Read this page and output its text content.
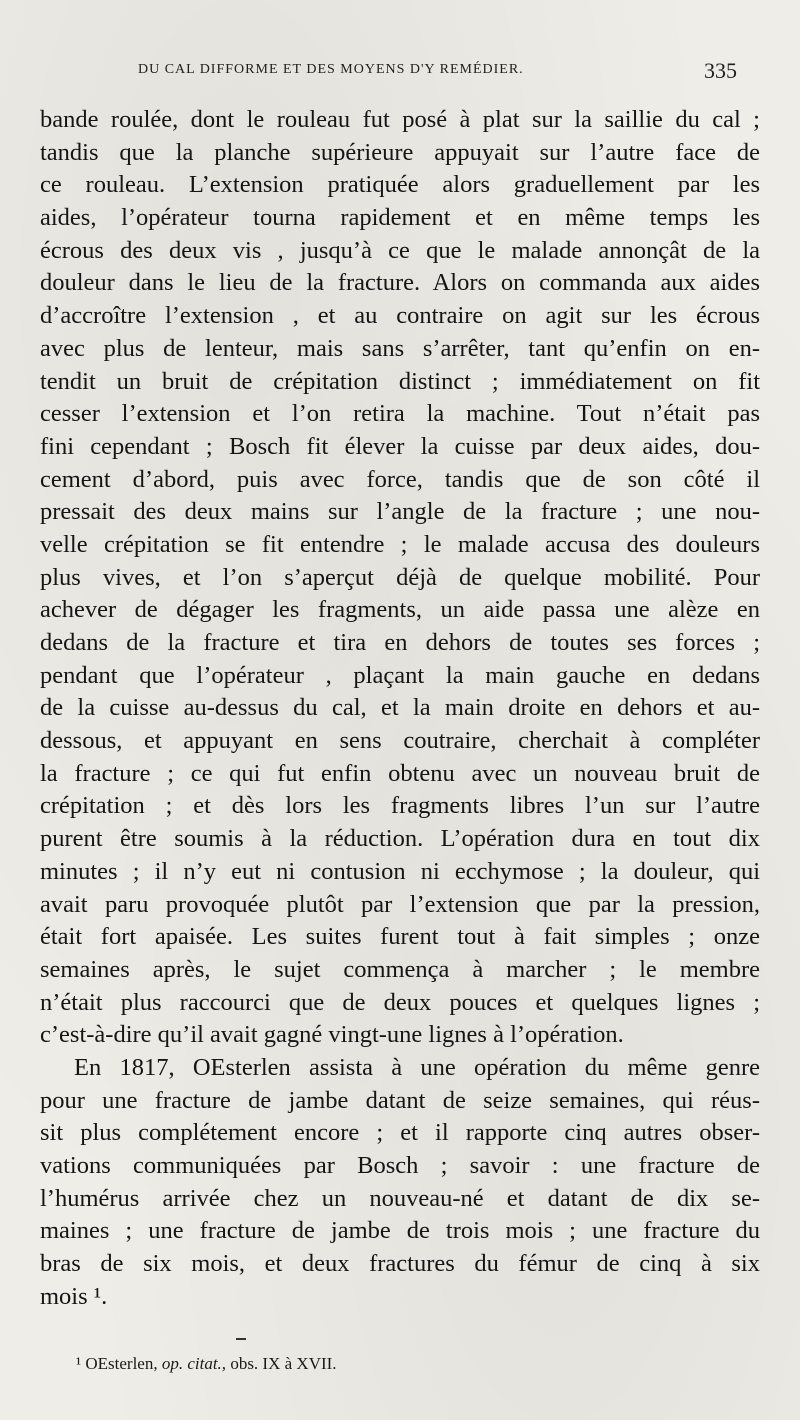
DU CAL DIFFORME ET DES MOYENS D'Y REMÉDIER.	335
bande roulée, dont le rouleau fut posé à plat sur la saillie du cal ;
tandis que la planche supérieure appuyait sur l’autre face de
ce rouleau. L’extension pratiquée alors graduellement par les
aides, l’opérateur tourna rapidement et en même temps les
écrous des deux vis , jusqu’à ce que le malade annonçât de la
douleur dans le lieu de la fracture. Alors on commanda aux aides
d’accroître l’extension , et au contraire on agit sur les écrous
avec plus de lenteur, mais sans s’arrêter, tant qu’enfin on en-
tendit un bruit de crépitation distinct ; immédiatement on fit
cesser l’extension et l’on retira la machine. Tout n’était pas
fini cependant ; Bosch fit élever la cuisse par deux aides, dou-
cement d’abord, puis avec force, tandis que de son côté il
pressait des deux mains sur l’angle de la fracture ; une nou-
velle crépitation se fit entendre ; le malade accusa des douleurs
plus vives, et l’on s’aperçut déjà de quelque mobilité. Pour
achever de dégager les fragments, un aide passa une alèze en
dedans de la fracture et tira en dehors de toutes ses forces ;
pendant que l’opérateur , plaçant la main gauche en dedans
de la cuisse au-dessus du cal, et la main droite en dehors et au-
dessous, et appuyant en sens coutraire, cherchait à compléter
la fracture ; ce qui fut enfin obtenu avec un nouveau bruit de
crépitation ; et dès lors les fragments libres l’un sur l’autre
purent être soumis à la réduction. L’opération dura en tout dix
minutes ; il n’y eut ni contusion ni ecchymose ; la douleur, qui
avait paru provoquée plutôt par l’extension que par la pression,
était fort apaisée. Les suites furent tout à fait simples ; onze
semaines après, le sujet commença à marcher ; le membre
n’était plus raccourci que de deux pouces et quelques lignes ;
c’est-à-dire qu’il avait gagné vingt-une lignes à l’opération.
En 1817, OEsterlen assista à une opération du même genre
pour une fracture de jambe datant de seize semaines, qui réus-
sit plus complétement encore ; et il rapporte cinq autres obser-
vations communiquées par Bosch ; savoir : une fracture de
l’humérus arrivée chez un nouveau-né et datant de dix se-
maines ; une fracture de jambe de trois mois ; une fracture du
bras de six mois, et deux fractures du fémur de cinq à six
mois ¹.
¹ OEsterlen, op. citat., obs. IX à XVII.
